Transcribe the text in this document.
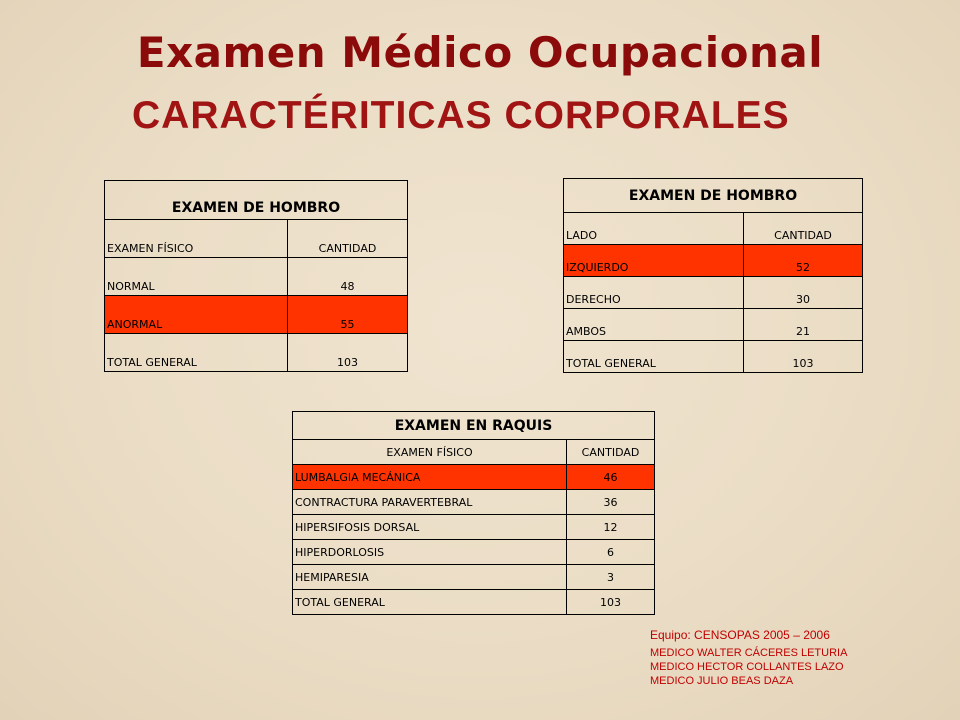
Examen Médico Ocupacional
CARACTÉRITICAS CORPORALES
EXAMEN DE HOMBRO	
EXAMEN FÍSICO	CANTIDAD
NORMAL	48
ANORMAL	55
TOTAL GENERAL	103
EXAMEN DE HOMBRO	
LADO	CANTIDAD
IZQUIERDO	52
DERECHO	30
AMBOS	21
TOTAL GENERAL	103
EXAMEN EN RAQUIS	
EXAMEN FÍSICO	CANTIDAD
LUMBALGIA MECÁNICA	46
CONTRACTURA PARAVERTEBRAL	36
HIPERSIFOSIS DORSAL	12
HIPERDORLOSIS	6
HEMIPARESIA	3
TOTAL GENERAL	103

Equipo: CENSOPAS 2005 – 2006

MEDICO WALTER CÁCERES LETURIA

MEDICO HECTOR COLLANTES LAZO

MEDICO JULIO BEAS DAZA
